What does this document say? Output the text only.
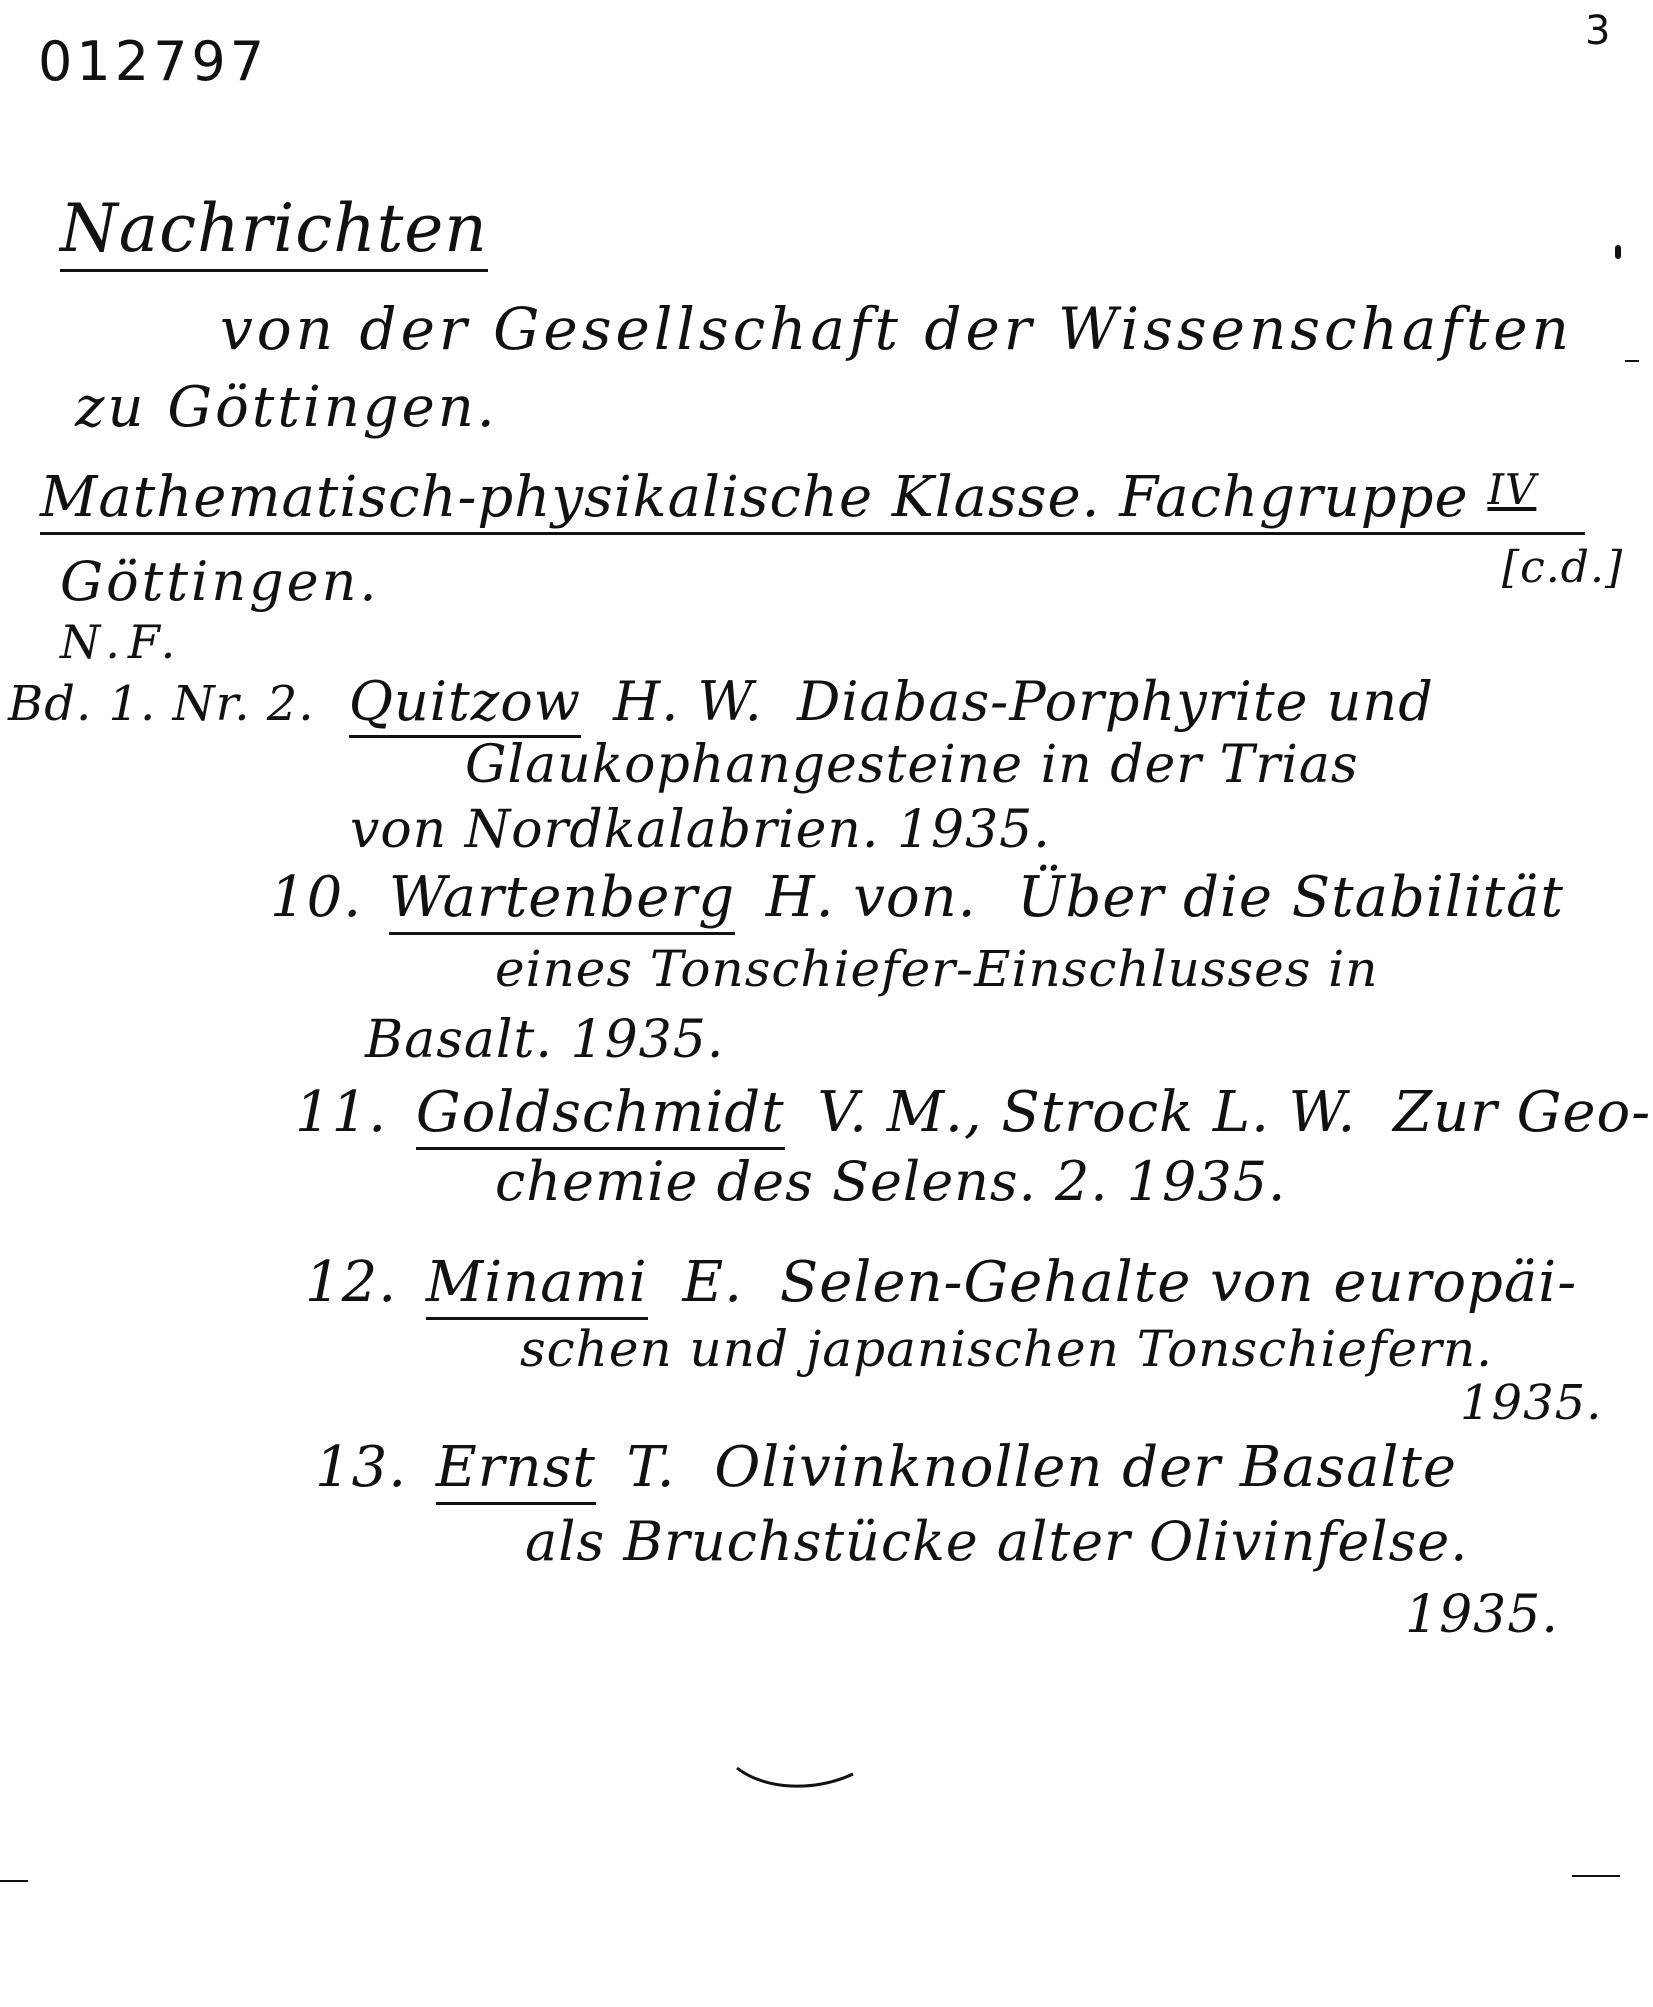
012797	3
Nachrichten
von der Gesellschaft der Wissenschaften
zu Göttingen.
Mathematisch-physikalische Klasse. Fachgruppe $^{IV}$
[c.d.]
Göttingen.
N.F.
Bd. 1. Nr. 2. Quitzow H. W. Diabas-Porphyrite und
Glaukophangesteine in der Trias
von Nordkalabrien. 1935.
10. Wartenberg H. von. Über die Stabilität
eines Tonschiefer-Einschlusses in
Basalt. 1935.
11. Goldschmidt V. M., Strock L. W. Zur Geo-
chemie des Selens. 2. 1935.
12. Minami E. Selen-Gehalte von europäi-
schen und japanischen Tonschiefern.
1935.
13. Ernst T. Olivinknollen der Basalte
als Bruchstücke alter Olivinfelse.
1935.
